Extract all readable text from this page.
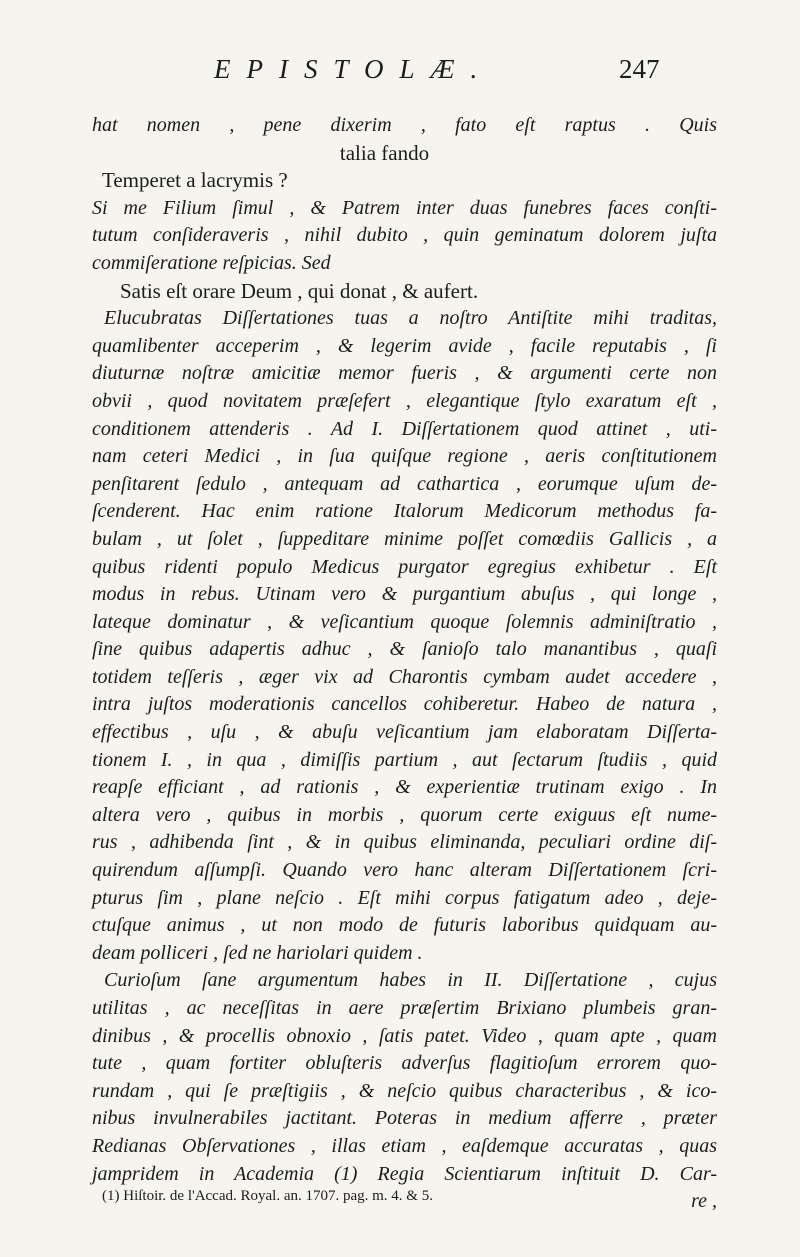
EPISTOLÆ.	247
hat nomen , pene dixerim , fato eſt raptus . Quis
talia fando
Temperet a lacrymis ?
Si me Filium ſimul , & Patrem inter duas funebres faces conſti-
tutum conſideraveris , nihil dubito , quin geminatum dolorem juſta
commiſeratione reſpicias. Sed
Satis eſt orare Deum , qui donat , & aufert.
Elucubratas Diſſertationes tuas a noſtro Antiſtite mihi traditas,
quamlibenter acceperim , & legerim avide , facile reputabis , ſi
diuturnæ noſtræ amicitiæ memor fueris , & argumenti certe non
obvii , quod novitatem præſefert , elegantique ſtylo exaratum eſt ,
conditionem attenderis . Ad I. Diſſertationem quod attinet , uti-
nam ceteri Medici , in ſua quiſque regione , aeris conſtitutionem
penſitarent ſedulo , antequam ad cathartica , eorumque uſum de-
ſcenderent. Hac enim ratione Italorum Medicorum methodus fa-
bulam , ut ſolet , ſuppeditare minime poſſet comœdiis Gallicis , a
quibus ridenti populo Medicus purgator egregius exhibetur . Eſt
modus in rebus. Utinam vero & purgantium abuſus , qui longe ,
lateque dominatur , & veſicantium quoque ſolemnis adminiſtratio ,
ſine quibus adapertis adhuc , & ſanioſo talo manantibus , quaſi
totidem teſſeris , æger vix ad Charontis cymbam audet accedere ,
intra juſtos moderationis cancellos cohiberetur. Habeo de natura ,
effectibus , uſu , & abuſu veſicantium jam elaboratam Diſſerta-
tionem I. , in qua , dimiſſis partium , aut ſectarum ſtudiis , quid
reapſe efficiant , ad rationis , & experientiæ trutinam exigo . In
altera vero , quibus in morbis , quorum certe exiguus eſt nume-
rus , adhibenda ſint , & in quibus eliminanda, peculiari ordine diſ-
quirendum aſſumpſi. Quando vero hanc alteram Diſſertationem ſcri-
pturus ſim , plane neſcio . Eſt mihi corpus fatigatum adeo , deje-
ctuſque animus , ut non modo de futuris laboribus quidquam au-
deam polliceri , ſed ne hariolari quidem .
Curioſum ſane argumentum habes in II. Diſſertatione , cujus
utilitas , ac neceſſitas in aere præſertim Brixiano plumbeis gran-
dinibus , & procellis obnoxio , ſatis patet. Video , quam apte , quam
tute , quam fortiter obluſteris adverſus flagitioſum errorem quo-
rundam , qui ſe præſtigiis , & neſcio quibus characteribus , & ico-
nibus invulnerabiles jactitant. Poteras in medium afferre , præter
Redianas Obſervationes , illas etiam , eaſdemque accuratas , quas
jampridem in Academia (1) Regia Scientiarum inſtituit D. Car-
re ,
(1) Hiſtoir. de l'Accad. Royal. an. 1707. pag. m. 4. & 5.
